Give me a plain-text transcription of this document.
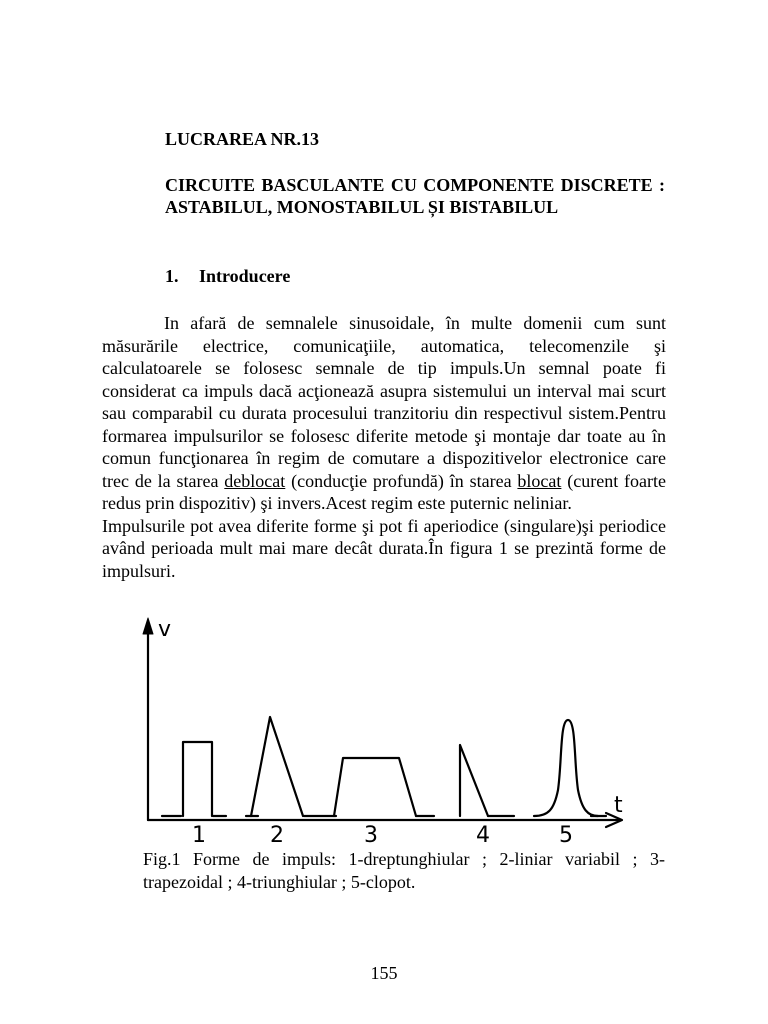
LUCRAREA NR.13
CIRCUITE BASCULANTE CU COMPONENTE DISCRETE : ASTABILUL, MONOSTABILUL ȘI BISTABILUL
1. Introducere

In afară de semnalele sinusoidale, în multe domenii cum sunt măsurările electrice, comunicaţiile, automatica, telecomenzile şi calculatoarele se folosesc semnale de tip impuls.Un semnal poate fi considerat ca impuls dacă acţionează asupra sistemului un interval mai scurt sau comparabil cu durata procesului tranzitoriu din respectivul sistem.Pentru formarea impulsurilor se folosesc diferite metode şi montaje dar toate au în comun funcţionarea în regim de comutare a dispozitivelor electronice care trec de la starea deblocat (conducţie profundă) în starea blocat (curent foarte redus prin dispozitiv) şi invers.Acest regim este puternic neliniar.

Impulsurile pot avea diferite forme şi pot fi aperiodice (singulare)şi periodice având perioada mult mai mare decât durata.În figura 1 se prezintă forme de impulsuri.

v
t
1	2	3	4	5

Fig.1 Forme de impuls: 1-dreptunghiular ; 2-liniar variabil ; 3-trapezoidal ; 4-triunghiular ; 5-clopot.

155
